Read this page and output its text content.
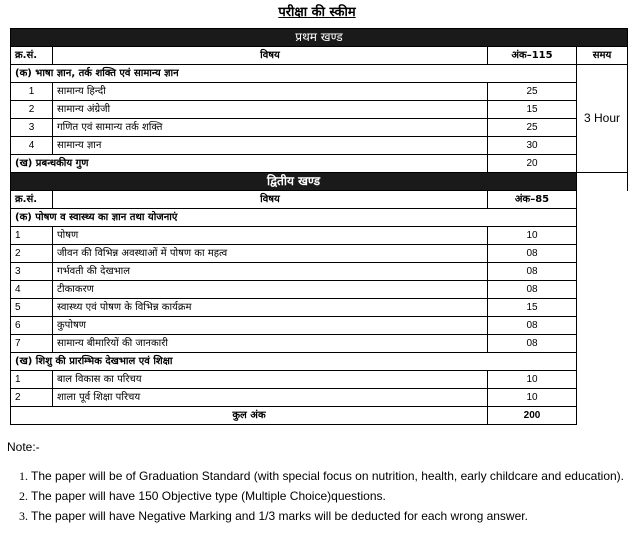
परीक्षा की स्कीम
प्रथम खण्ड			
क्र.सं.	विषय	अंक–115	समय
(क) भाषा ज्ञान, तर्क शक्ति एवं सामान्य ज्ञान			3 Hour
1	सामान्य हिन्दी	25	
2	सामान्य अंग्रेजी	15	
3	गणित एवं सामान्य तर्क शक्ति	25	
4	सामान्य ज्ञान	30	
(ख) प्रबन्धकीय गुण		20	
द्वितीय खण्ड			
क्र.सं.	विषय	अंक–85	
(क) पोषण व स्वास्थ्य का ज्ञान तथा योजनाएं			
1	पोषण	10	
2	जीवन की विभिन्न अवस्थाओं में पोषण का महत्व	08	
3	गर्भवती की देखभाल	08	
4	टीकाकरण	08	
5	स्वास्थ्य एवं पोषण के विभिन्न कार्यक्रम	15	
6	कुपोषण	08	
7	सामान्य बीमारियों की जानकारी	08	
(ख) शिशु की प्रारम्भिक देखभाल एवं शिक्षा			
1	बाल विकास का परिचय	10	
2	शाला पूर्व शिक्षा परिचय	10	
कुल अंक		200	
Note:-
1. The paper will be of Graduation Standard (with special focus on nutrition, health, early childcare and education).
2. The paper will have 150 Objective type (Multiple Choice)questions.
3. The paper will have Negative Marking and 1/3 marks will be deducted for each wrong answer.
